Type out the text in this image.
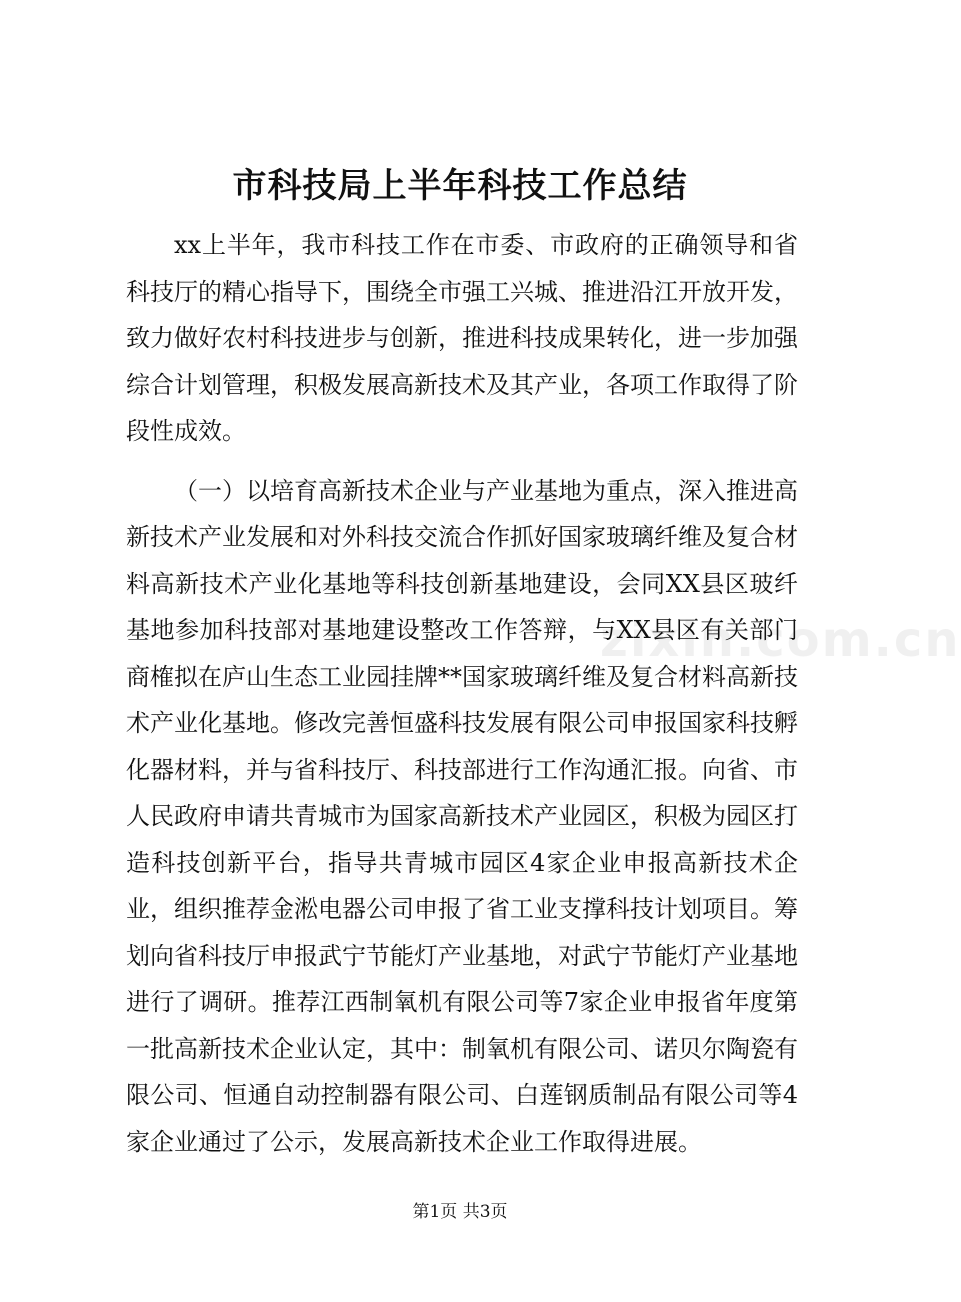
市科技局上半年科技工作总结

xx上半年，我市科技工作在市委、市政府的正确领导和省科技厅的精心指导下，围绕全市强工兴城、推进沿江开放开发，致力做好农村科技进步与创新，推进科技成果转化，进一步加强综合计划管理，积极发展高新技术及其产业，各项工作取得了阶段性成效。

（一）以培育高新技术企业与产业基地为重点，深入推进高新技术产业发展和对外科技交流合作抓好国家玻璃纤维及复合材料高新技术产业化基地等科技创新基地建设，会同XX县区玻纤基地参加科技部对基地建设整改工作答辩，与XX县区有关部门商榷拟在庐山生态工业园挂牌**国家玻璃纤维及复合材料高新技术产业化基地。修改完善恒盛科技发展有限公司申报国家科技孵化器材料，并与省科技厅、科技部进行工作沟通汇报。向省、市人民政府申请共青城市为国家高新技术产业园区，积极为园区打造科技创新平台，指导共青城市园区4家企业申报高新技术企业，组织推荐金淞电器公司申报了省工业支撑科技计划项目。筹划向省科技厅申报武宁节能灯产业基地，对武宁节能灯产业基地进行了调研。推荐江西制氧机有限公司等7家企业申报省年度第一批高新技术企业认定，其中：制氧机有限公司、诺贝尔陶瓷有限公司、恒通自动控制器有限公司、白莲钢质制品有限公司等4家企业通过了公示，发展高新技术企业工作取得进展。

zixin.com.cn
第1页 共3页
